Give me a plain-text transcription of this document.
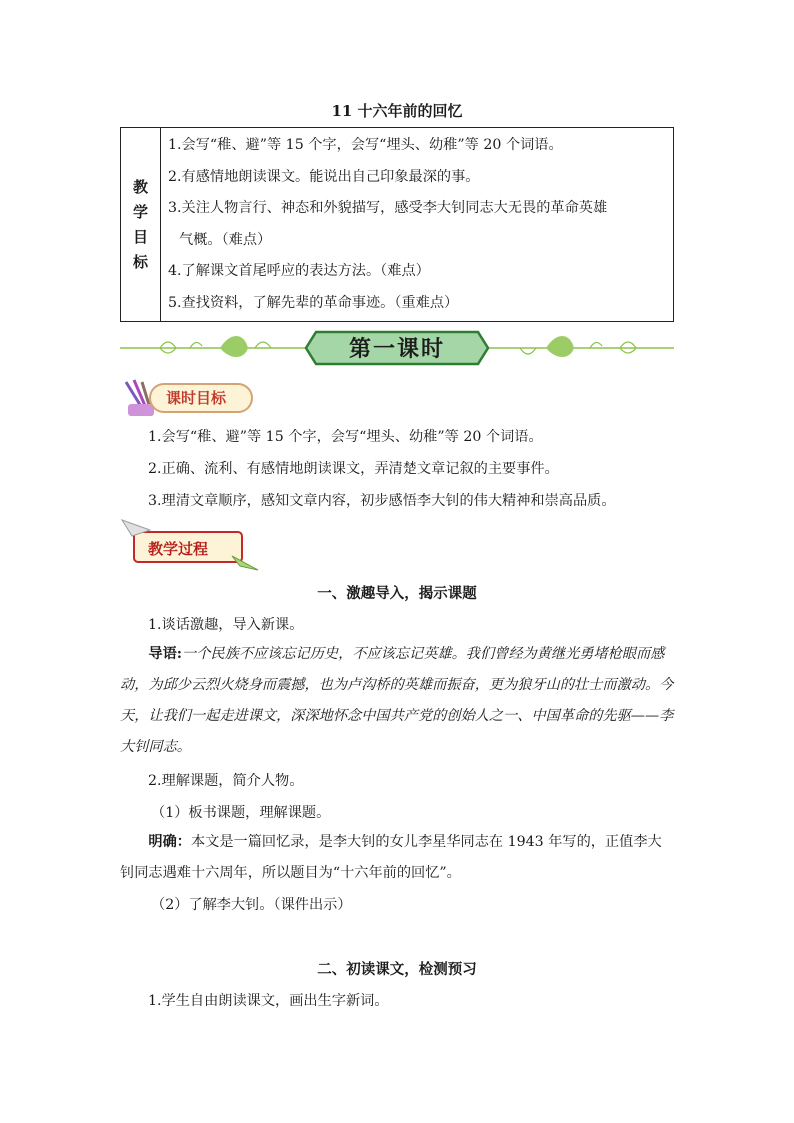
11 十六年前的回忆
教学目标

1.会写“稚、避”等 15 个字，会写“埋头、幼稚”等 20 个词语。
2.有感情地朗读课文。能说出自己印象最深的事。
3.关注人物言行、神态和外貌描写，感受李大钊同志大无畏的革命英雄
气概。（难点）
4.了解课文首尾呼应的表达方法。（难点）
5.查找资料，了解先辈的革命事迹。（重难点）
第一课时
课时目标
1.会写“稚、避”等 15 个字，会写“埋头、幼稚”等 20 个词语。
2.正确、流利、有感情地朗读课文，弄清楚文章记叙的主要事件。
3.理清文章顺序，感知文章内容，初步感悟李大钊的伟大精神和崇高品质。
教学过程
一、激趣导入，揭示课题
1.谈话激趣，导入新课。
导语:一个民族不应该忘记历史，不应该忘记英雄。我们曾经为黄继光勇堵枪眼而感动，为邱少云烈火烧身而震撼，也为卢沟桥的英雄而振奋，更为狼牙山的壮士而激动。今天，让我们一起走进课文，深深地怀念中国共产党的创始人之一、中国革命的先驱——李大钊同志。
2.理解课题，简介人物。
（1）板书课题，理解课题。
明确：本文是一篇回忆录，是李大钊的女儿李星华同志在 1943 年写的，正值李大钊同志遇难十六周年，所以题目为“十六年前的回忆”。
（2）了解李大钊。（课件出示）
二、初读课文，检测预习
1.学生自由朗读课文，画出生字新词。
